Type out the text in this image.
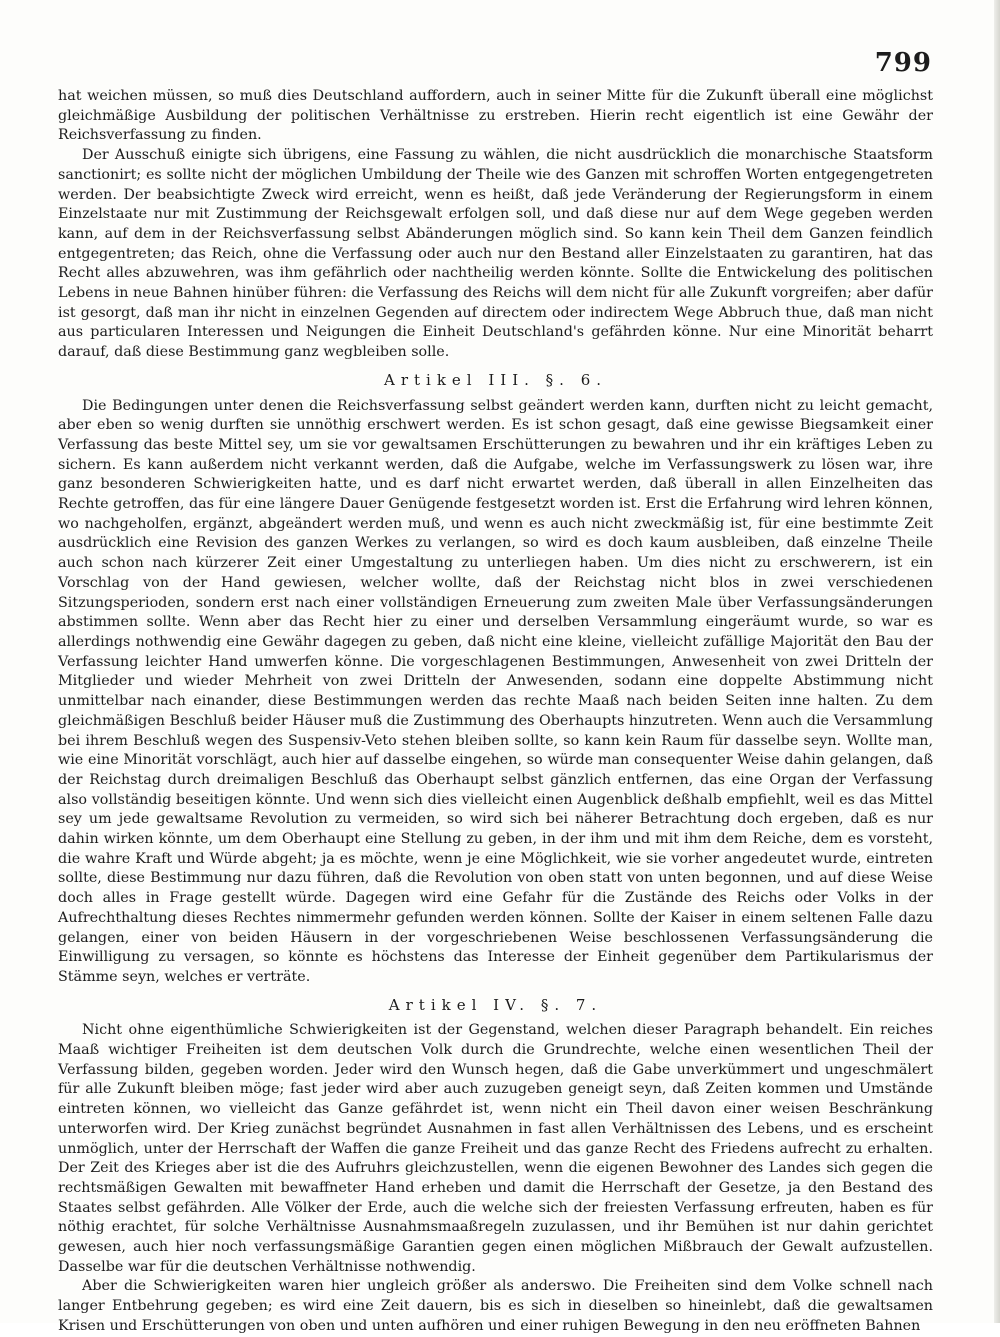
799

hat weichen müssen, so muß dies Deutschland auffordern, auch in seiner Mitte für die Zukunft überall eine möglichst gleichmäßige Ausbildung der politischen Verhältnisse zu erstreben. Hierin recht eigentlich ist eine Gewähr der Reichsverfassung zu finden.

Der Ausschuß einigte sich übrigens, eine Fassung zu wählen, die nicht ausdrücklich die monarchische Staatsform sanctionirt; es sollte nicht der möglichen Umbildung der Theile wie des Ganzen mit schroffen Worten entgegengetreten werden. Der beabsichtigte Zweck wird erreicht, wenn es heißt, daß jede Veränderung der Regierungsform in einem Einzelstaate nur mit Zustimmung der Reichsgewalt erfolgen soll, und daß diese nur auf dem Wege gegeben werden kann, auf dem in der Reichsverfassung selbst Abänderungen möglich sind. So kann kein Theil dem Ganzen feindlich entgegentreten; das Reich, ohne die Verfassung oder auch nur den Bestand aller Einzelstaaten zu garantiren, hat das Recht alles abzuwehren, was ihm gefährlich oder nachtheilig werden könnte. Sollte die Entwickelung des politischen Lebens in neue Bahnen hinüber führen: die Verfassung des Reichs will dem nicht für alle Zukunft vorgreifen; aber dafür ist gesorgt, daß man ihr nicht in einzelnen Gegenden auf directem oder indirectem Wege Abbruch thue, daß man nicht aus particularen Interessen und Neigungen die Einheit Deutschland's gefährden könne. Nur eine Minorität beharrt darauf, daß diese Bestimmung ganz wegbleiben solle.

Artikel III. §. 6.

Die Bedingungen unter denen die Reichsverfassung selbst geändert werden kann, durften nicht zu leicht gemacht, aber eben so wenig durften sie unnöthig erschwert werden. Es ist schon gesagt, daß eine gewisse Biegsamkeit einer Verfassung das beste Mittel sey, um sie vor gewaltsamen Erschütterungen zu bewahren und ihr ein kräftiges Leben zu sichern. Es kann außerdem nicht verkannt werden, daß die Aufgabe, welche im Verfassungswerk zu lösen war, ihre ganz besonderen Schwierigkeiten hatte, und es darf nicht erwartet werden, daß überall in allen Einzelheiten das Rechte getroffen, das für eine längere Dauer Genügende festgesetzt worden ist. Erst die Erfahrung wird lehren können, wo nachgeholfen, ergänzt, abgeändert werden muß, und wenn es auch nicht zweckmäßig ist, für eine bestimmte Zeit ausdrücklich eine Revision des ganzen Werkes zu verlangen, so wird es doch kaum ausbleiben, daß einzelne Theile auch schon nach kürzerer Zeit einer Umgestaltung zu unterliegen haben. Um dies nicht zu erschwerern, ist ein Vorschlag von der Hand gewiesen, welcher wollte, daß der Reichstag nicht blos in zwei verschiedenen Sitzungsperioden, sondern erst nach einer vollständigen Erneuerung zum zweiten Male über Verfassungsänderungen abstimmen sollte. Wenn aber das Recht hier zu einer und derselben Versammlung eingeräumt wurde, so war es allerdings nothwendig eine Gewähr dagegen zu geben, daß nicht eine kleine, vielleicht zufällige Majorität den Bau der Verfassung leichter Hand umwerfen könne. Die vorgeschlagenen Bestimmungen, Anwesenheit von zwei Dritteln der Mitglieder und wieder Mehrheit von zwei Dritteln der Anwesenden, sodann eine doppelte Abstimmung nicht unmittelbar nach einander, diese Bestimmungen werden das rechte Maaß nach beiden Seiten inne halten. Zu dem gleichmäßigen Beschluß beider Häuser muß die Zustimmung des Oberhaupts hinzutreten. Wenn auch die Versammlung bei ihrem Beschluß wegen des Suspensiv-Veto stehen bleiben sollte, so kann kein Raum für dasselbe seyn. Wollte man, wie eine Minorität vorschlägt, auch hier auf dasselbe eingehen, so würde man consequenter Weise dahin gelangen, daß der Reichstag durch dreimaligen Beschluß das Oberhaupt selbst gänzlich entfernen, das eine Organ der Verfassung also vollständig beseitigen könnte. Und wenn sich dies vielleicht einen Augenblick deßhalb empfiehlt, weil es das Mittel sey um jede gewaltsame Revolution zu vermeiden, so wird sich bei näherer Betrachtung doch ergeben, daß es nur dahin wirken könnte, um dem Oberhaupt eine Stellung zu geben, in der ihm und mit ihm dem Reiche, dem es vorsteht, die wahre Kraft und Würde abgeht; ja es möchte, wenn je eine Möglichkeit, wie sie vorher angedeutet wurde, eintreten sollte, diese Bestimmung nur dazu führen, daß die Revolution von oben statt von unten begonnen, und auf diese Weise doch alles in Frage gestellt würde. Dagegen wird eine Gefahr für die Zustände des Reichs oder Volks in der Aufrechthaltung dieses Rechtes nimmermehr gefunden werden können. Sollte der Kaiser in einem seltenen Falle dazu gelangen, einer von beiden Häusern in der vorgeschriebenen Weise beschlossenen Verfassungsänderung die Einwilligung zu versagen, so könnte es höchstens das Interesse der Einheit gegenüber dem Partikularismus der Stämme seyn, welches er verträte.

Artikel IV. §. 7.

Nicht ohne eigenthümliche Schwierigkeiten ist der Gegenstand, welchen dieser Paragraph behandelt. Ein reiches Maaß wichtiger Freiheiten ist dem deutschen Volk durch die Grundrechte, welche einen wesentlichen Theil der Verfassung bilden, gegeben worden. Jeder wird den Wunsch hegen, daß die Gabe unverkümmert und ungeschmälert für alle Zukunft bleiben möge; fast jeder wird aber auch zuzugeben geneigt seyn, daß Zeiten kommen und Umstände eintreten können, wo vielleicht das Ganze gefährdet ist, wenn nicht ein Theil davon einer weisen Beschränkung unterworfen wird. Der Krieg zunächst begründet Ausnahmen in fast allen Verhältnissen des Lebens, und es erscheint unmöglich, unter der Herrschaft der Waffen die ganze Freiheit und das ganze Recht des Friedens aufrecht zu erhalten. Der Zeit des Krieges aber ist die des Aufruhrs gleichzustellen, wenn die eigenen Bewohner des Landes sich gegen die rechtsmäßigen Gewalten mit bewaffneter Hand erheben und damit die Herrschaft der Gesetze, ja den Bestand des Staates selbst gefährden. Alle Völker der Erde, auch die welche sich der freiesten Verfassung erfreuten, haben es für nöthig erachtet, für solche Verhältnisse Ausnahmsmaaßregeln zuzulassen, und ihr Bemühen ist nur dahin gerichtet gewesen, auch hier noch verfassungsmäßige Garantien gegen einen möglichen Mißbrauch der Gewalt aufzustellen. Dasselbe war für die deutschen Verhältnisse nothwendig.

Aber die Schwierigkeiten waren hier ungleich größer als anderswo. Die Freiheiten sind dem Volke schnell nach langer Entbehrung gegeben; es wird eine Zeit dauern, bis es sich in dieselben so hineinlebt, daß die gewaltsamen Krisen und Erschütterungen von oben und unten aufhören und einer ruhigen Bewegung in den neu eröffneten Bahnen
